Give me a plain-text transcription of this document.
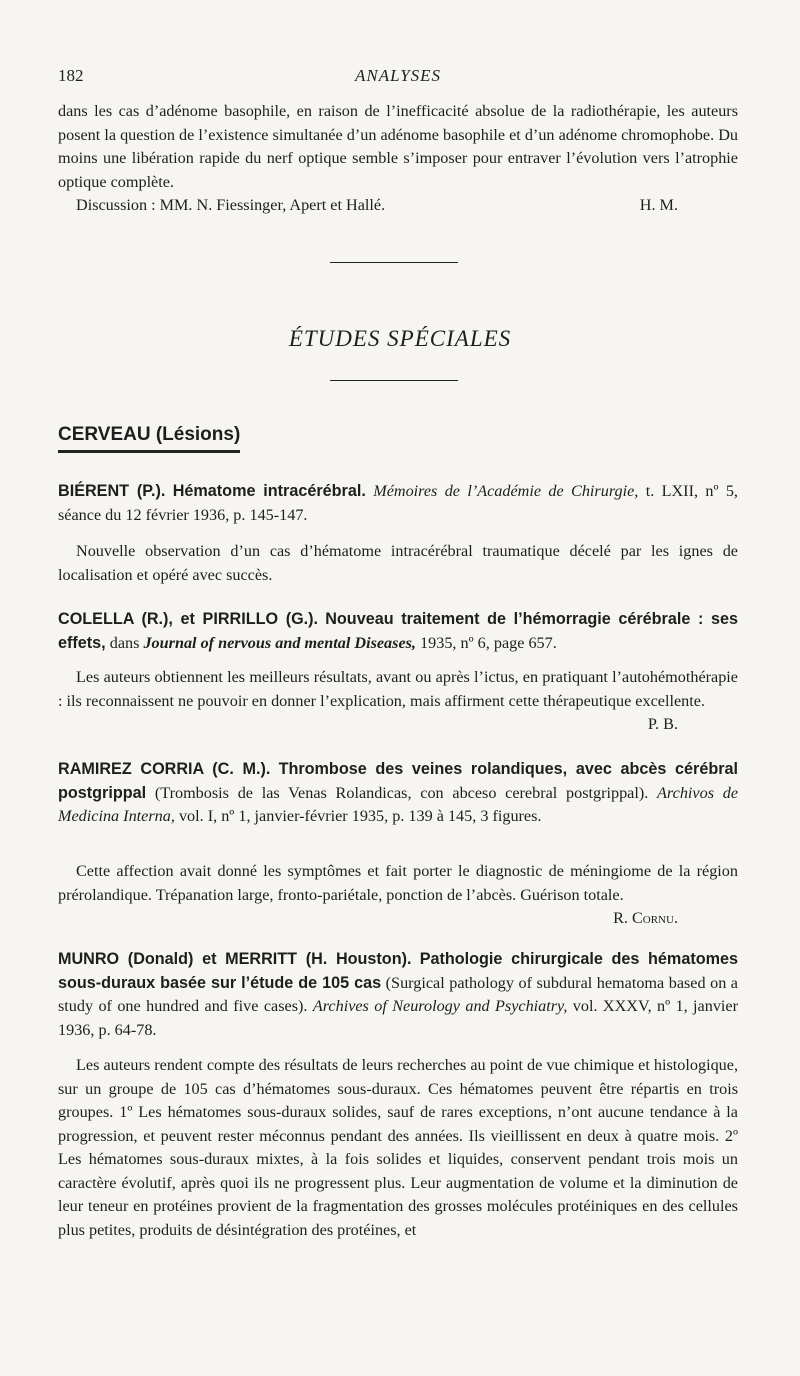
182	ANALYSES

dans les cas d’adénome basophile, en raison de l’inefficacité absolue de la radiothérapie, les auteurs posent la question de l’existence simultanée d’un adénome basophile et d’un adénome chromophobe. Du moins une libération rapide du nerf optique semble s’imposer pour entraver l’évolution vers l’atrophie optique complète.

Discussion : MM. N. Fiessinger, Apert et Hallé.	H. M.

ÉTUDES SPÉCIALES
CERVEAU (Lésions)
BIÉRENT (P.). Hématome intracérébral. Mémoires de l’Académie de Chirurgie, t. LXII, nº 5, séance du 12 février 1936, p. 145-147.
Nouvelle observation d’un cas d’hématome intracérébral traumatique décelé par les ignes de localisation et opéré avec succès.
COLELLA (R.), et PIRRILLO (G.). Nouveau traitement de l’hémorragie cérébrale : ses effets, dans Journal of nervous and mental Diseases, 1935, nº 6, page 657.

Les auteurs obtiennent les meilleurs résultats, avant ou après l’ictus, en pratiquant l’autohémothérapie : ils reconnaissent ne pouvoir en donner l’explication, mais affirment cette thérapeutique excellente.
P. B.

RAMIREZ CORRIA (C. M.). Thrombose des veines rolandiques, avec abcès cérébral postgrippal (Trombosis de las Venas Rolandicas, con abceso cerebral postgrippal). Archivos de Medicina Interna, vol. I, nº 1, janvier-février 1935, p. 139 à 145, 3 figures.

Cette affection avait donné les symptômes et fait porter le diagnostic de méningiome de la région prérolandique. Trépanation large, fronto-pariétale, ponction de l’abcès. Guérison totale.
R. Cornu.

MUNRO (Donald) et MERRITT (H. Houston). Pathologie chirurgicale des hématomes sous-duraux basée sur l’étude de 105 cas (Surgical pathology of subdural hematoma based on a study of one hundred and five cases). Archives of Neurology and Psychiatry, vol. XXXV, nº 1, janvier 1936, p. 64-78.
Les auteurs rendent compte des résultats de leurs recherches au point de vue chimique et histologique, sur un groupe de 105 cas d’hématomes sous-duraux. Ces hématomes peuvent être répartis en trois groupes. 1º Les hématomes sous-duraux solides, sauf de rares exceptions, n’ont aucune tendance à la progression, et peuvent rester méconnus pendant des années. Ils vieillissent en deux à quatre mois. 2º Les hématomes sous-duraux mixtes, à la fois solides et liquides, conservent pendant trois mois un caractère évolutif, après quoi ils ne progressent plus. Leur augmentation de volume et la diminution de leur teneur en protéines provient de la fragmentation des grosses molécules protéiniques en des cellules plus petites, produits de désintégration des protéines, et
